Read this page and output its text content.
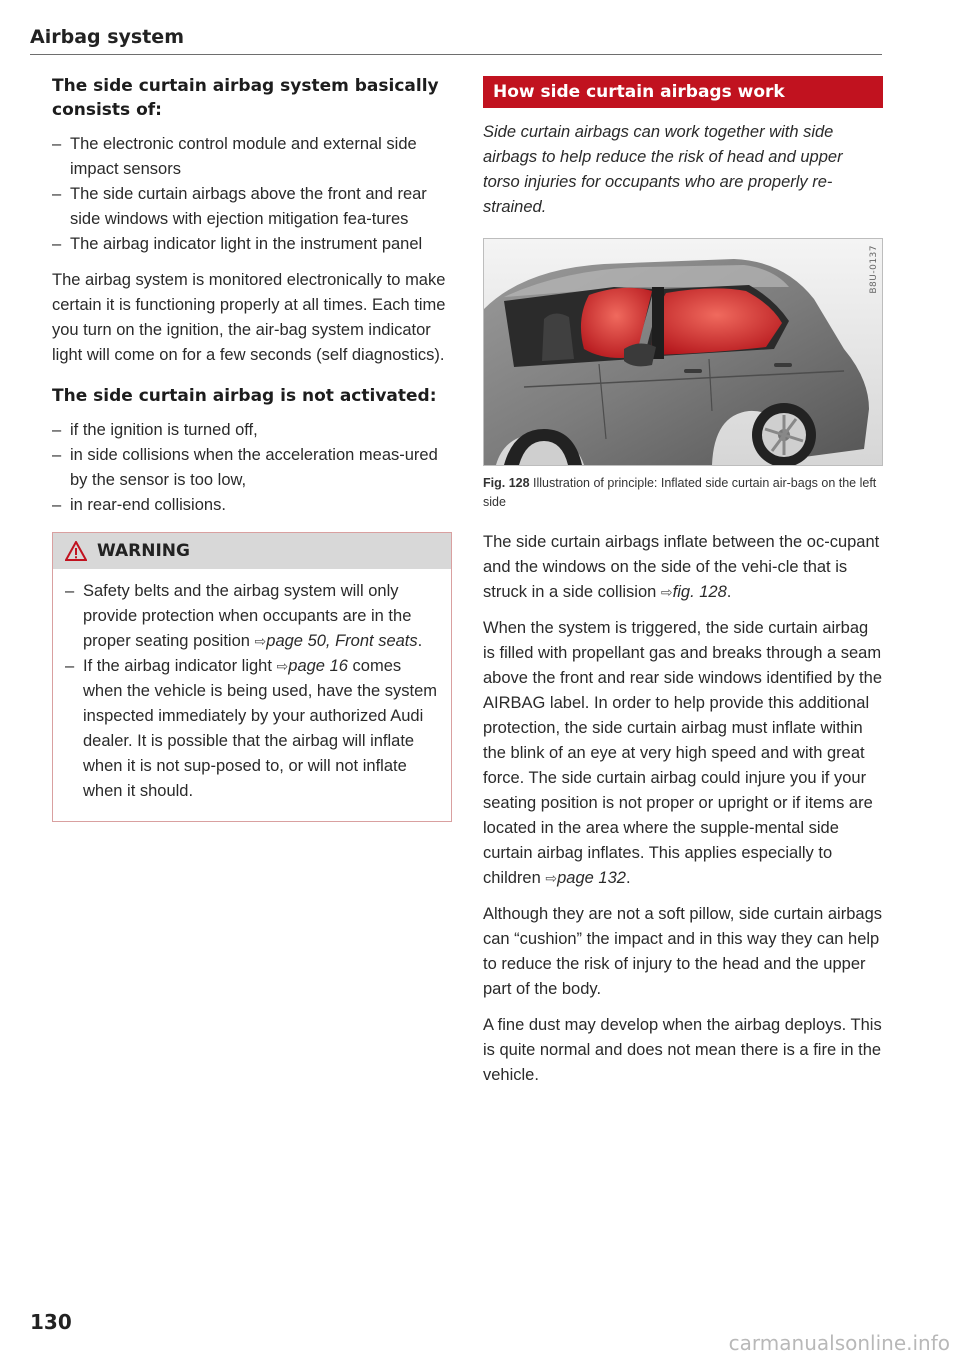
Airbag system
The side curtain airbag system basically consists of:
– The electronic control module and external side impact sensors
– The side curtain airbags above the front and rear side windows with ejection mitigation fea-tures
– The airbag indicator light in the instrument panel

The airbag system is monitored electronically to make certain it is functioning properly at all times. Each time you turn on the ignition, the air-bag system indicator light will come on for a few seconds (self diagnostics).

The side curtain airbag is not activated:
– if the ignition is turned off,
– in side collisions when the acceleration meas-ured by the sensor is too low,
– in rear-end collisions.
WARNING
– Safety belts and the airbag system will only provide protection when occupants are in the proper seating position ⇨page 50, Front seats.
– If the airbag indicator light ⇨page 16 comes when the vehicle is being used, have the system inspected immediately by your authorized Audi dealer. It is possible that the airbag will inflate when it is not sup-posed to, or will not inflate when it should.
How side curtain airbags work
Side curtain airbags can work together with side airbags to help reduce the risk of head and upper torso injuries for occupants who are properly re-strained.
B8U-0137
Fig. 128 Illustration of principle: Inflated side curtain air-bags on the left side

The side curtain airbags inflate between the oc-cupant and the windows on the side of the vehi-cle that is struck in a side collision ⇨fig. 128.

When the system is triggered, the side curtain airbag is filled with propellant gas and breaks through a seam above the front and rear side windows identified by the AIRBAG label. In order to help provide this additional protection, the side curtain airbag must inflate within the blink of an eye at very high speed and with great force. The side curtain airbag could injure you if your seating position is not proper or upright or if items are located in the area where the supple-mental side curtain airbag inflates. This applies especially to children ⇨page 132.

Although they are not a soft pillow, side curtain airbags can “cushion” the impact and in this way they can help to reduce the risk of injury to the head and the upper part of the body.

A fine dust may develop when the airbag deploys. This is quite normal and does not mean there is a fire in the vehicle.

130
carmanualsonline.info
